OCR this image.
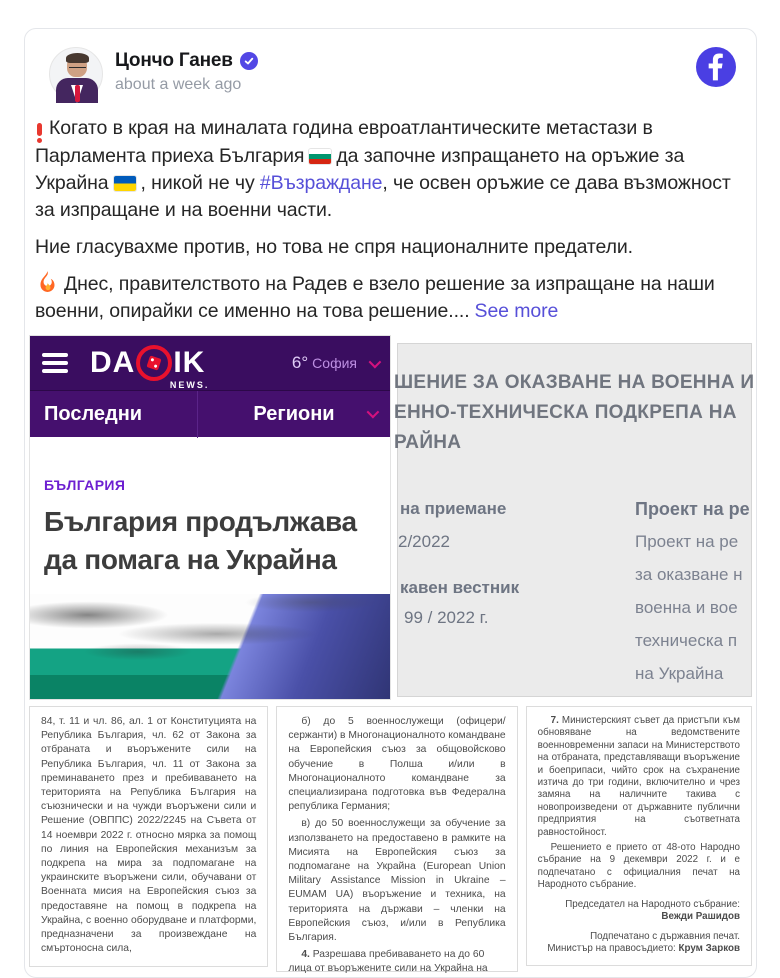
Цончо Ганев
about a week ago

Когато в края на миналата година евроатлантическите метастази в Парламента приеха България да започне изпращането на оръжие за Украйна , никой не чу #Възраждане, че освен оръжие се дава възможност за изпращане и на военни части.

Ние гласувахме против, но това не спря националните предатели.

Днес, правителството на Радев е взело решение за изпращане на наши военни, опирайки се именно на това решение.... See more

DA IK
NEWS.
6° София
Последни	Региони
БЪЛГАРИЯ
България продължава
да помага на Украйна
ШЕНИЕ ЗА ОКАЗВАНЕ НА ВОЕННА И
ЕННО-ТЕХНИЧЕСКА ПОДКРЕПА НА
РАЙНА
на приемане
2/2022
кавен вестник
99 / 2022 г.
Проект на ре
Проект на ре
за оказване н
военна и вое
техническа п
на Украйна

84, т. 11 и чл. 86, ал. 1 от Конституцията на Република България, чл. 62 от Закона за отбраната и въоръжените сили на Република България, чл. 11 от Закона за преминаването през и пребиваването на територията на Република България на съюзнически и на чужди въоръжени сили и Решение (ОВППС) 2022/2245 на Съвета от 14 ноември 2022 г. относно мярка за помощ по линия на Европейския механизъм за подкрепа на мира за подпомагане на украинските въоръжени сили, обучавани от Военната мисия на Европейския съюз за предоставяне на помощ в подкрепа на Украйна, с военно оборудване и платформи, предназначени за произвеждане на смъртоносна сила,

б) до 5 военнослужещи (офицери/ сержанти) в Многонационалното командване на Европейския съюз за общовойсково обучение в Полша и/или в Многонационалното командване за специализирана подготовка във Федерална република Германия;

в) до 50 военнослужещи за обучение за използването на предоставено в рамките на Мисията на Европейския съюз за подпомагане на Украйна (European Union Military Assistance Mission in Ukraine – EUMAM UA) въоръжение и техника, на територията на държави – членки на Европейския съюз, и/или в Република България.

4. Разрешава пребиваването на до 60

лица от въоръжените сили на Украйна на

7. Министерският съвет да пристъпи към обновяване на ведомствените военновременни запаси на Министерството на отбраната, представляващи въоръжение и боеприпаси, чийто срок на съхранение изтича до три години, включително и чрез замяна на наличните такива с новопроизведени от държавните публични предприятия на съответната равностойност.

Решението е прието от 48-ото Народно събрание на 9 декември 2022 г. и е подпечатано с официалния печат на Народното събрание.

Председател на Народното събрание:
Вежди Рашидов
Подпечатано с държавния печат.
Министър на правосъдието: Крум Зарков
